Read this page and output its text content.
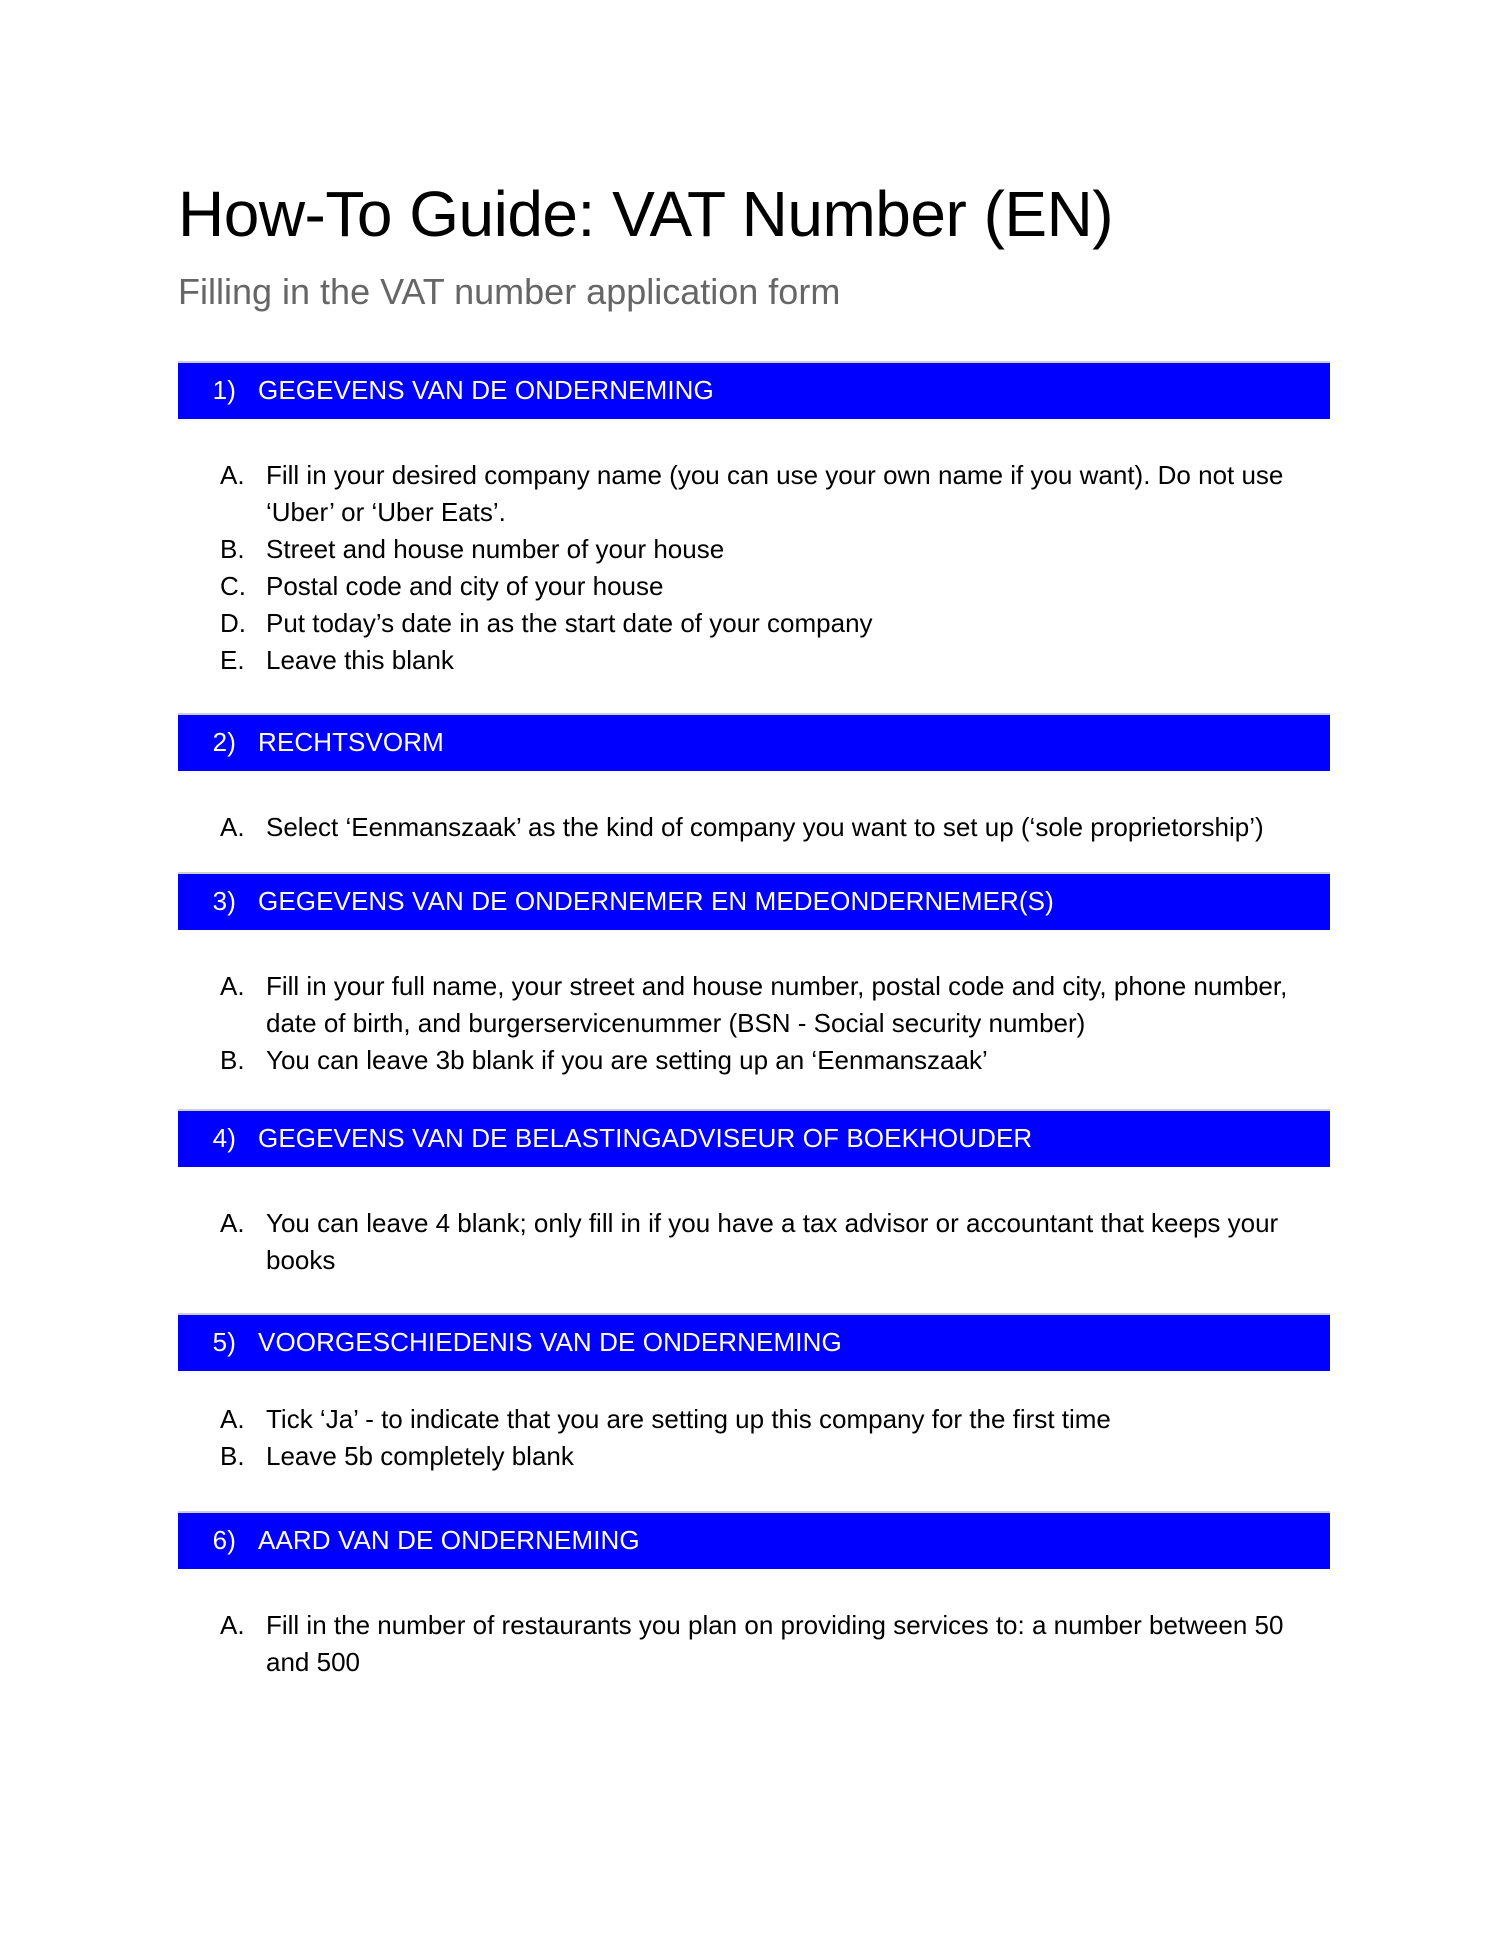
How-To Guide: VAT Number (EN)
Filling in the VAT number application form
1) GEGEVENS VAN DE ONDERNEMING
A. Fill in your desired company name (you can use your own name if you want). Do not use ‘Uber’ or ‘Uber Eats’.
B. Street and house number of your house
C. Postal code and city of your house
D. Put today’s date in as the start date of your company
E. Leave this blank
2) RECHTSVORM
A. Select ‘Eenmanszaak’ as the kind of company you want to set up (‘sole proprietorship’)
3) GEGEVENS VAN DE ONDERNEMER EN MEDEONDERNEMER(S)
A. Fill in your full name, your street and house number, postal code and city, phone number, date of birth, and burgerservicenummer (BSN - Social security number)
B. You can leave 3b blank if you are setting up an ‘Eenmanszaak’
4) GEGEVENS VAN DE BELASTINGADVISEUR OF BOEKHOUDER
A. You can leave 4 blank; only fill in if you have a tax advisor or accountant that keeps your books
5) VOORGESCHIEDENIS VAN DE ONDERNEMING
A. Tick ‘Ja’ - to indicate that you are setting up this company for the first time
B. Leave 5b completely blank
6) AARD VAN DE ONDERNEMING
A. Fill in the number of restaurants you plan on providing services to: a number between 50 and 500
